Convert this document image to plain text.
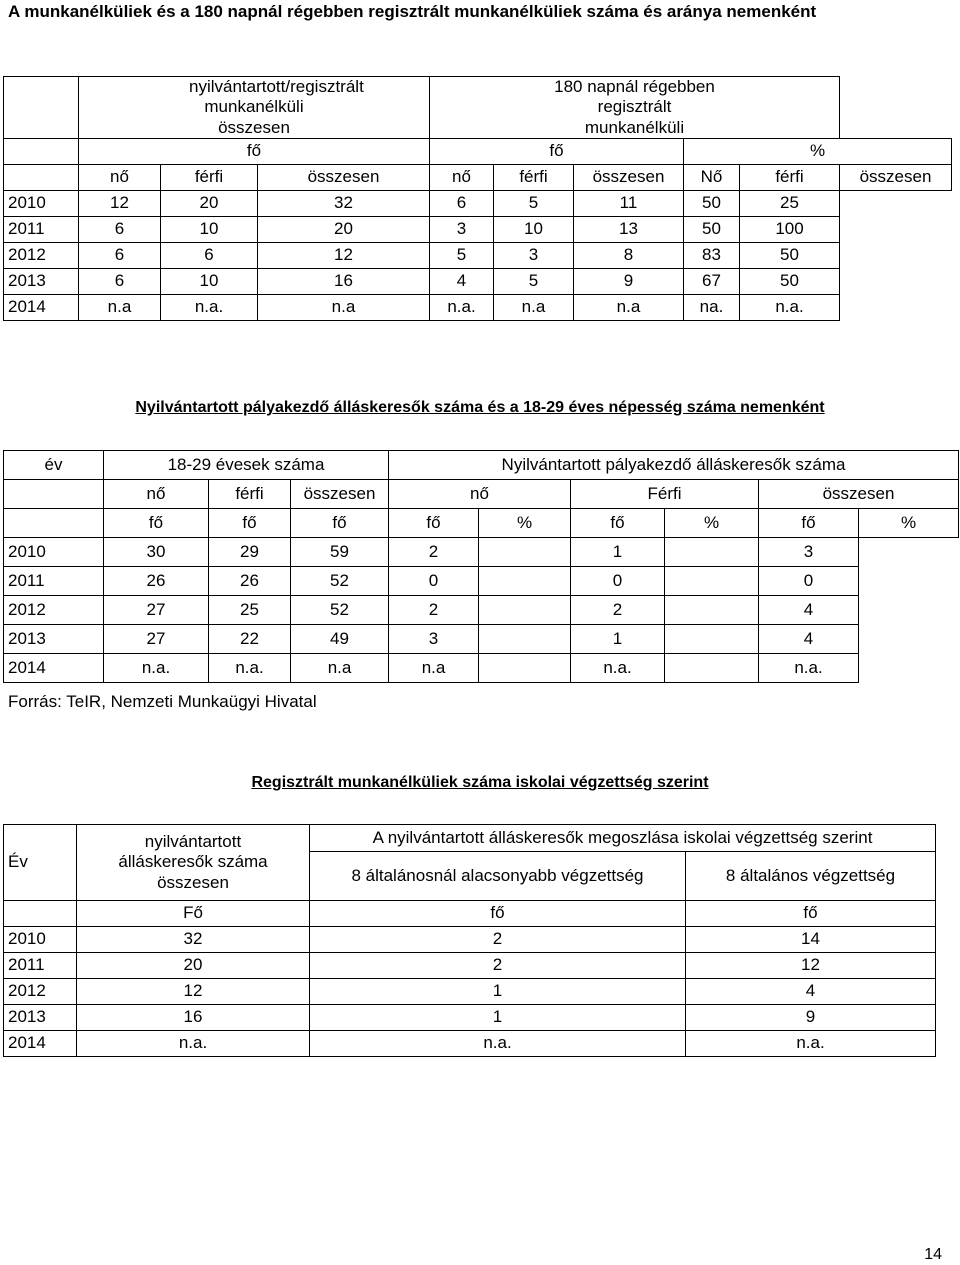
A munkanélküliek és a 180 napnál régebben regisztrált munkanélküliek száma és aránya nemenként
	nyilvántartott/regisztrált munkanélküli összesen			180 napnál régebben regisztrált munkanélküli					
	fő			fő			%		
	nő	férfi	összesen	nő	férfi	összesen	Nő	férfi	összesen
2010	12	20	32	6	5	11	50	25	
2011	6	10	20	3	10	13	50	100	
2012	6	6	12	5	3	8	83	50	
2013	6	10	16	4	5	9	67	50	
2014	n.a	n.a.	n.a	n.a.	n.a	n.a	na.	n.a.	
Nyilvántartott pályakezdő álláskeresők száma és a 18-29 éves népesség száma nemenként
év	18-29 évesek száma			Nyilvántartott pályakezdő álláskeresők száma					
	nő	férfi	összesen	nő		Férfi		összesen	
	fő	fő	fő	fő	%	fő	%	fő	%
2010	30	29	59	2		1		3	
2011	26	26	52	0		0		0	
2012	27	25	52	2		2		4	
2013	27	22	49	3		1		4	
2014	n.a.	n.a.	n.a	n.a		n.a.		n.a.	
Forrás: TeIR, Nemzeti Munkaügyi Hivatal
Regisztrált munkanélküliek száma iskolai végzettség szerint
Év	nyilvántartott álláskeresők száma összesen	A nyilvántartott álláskeresők megoszlása iskolai végzettség szerint	
		8 általánosnál alacsonyabb végzettség	8 általános végzettség
	Fő	fő	fő
2010	32	2	14
2011	20	2	12
2012	12	1	4
2013	16	1	9
2014	n.a.	n.a.	n.a.
14
